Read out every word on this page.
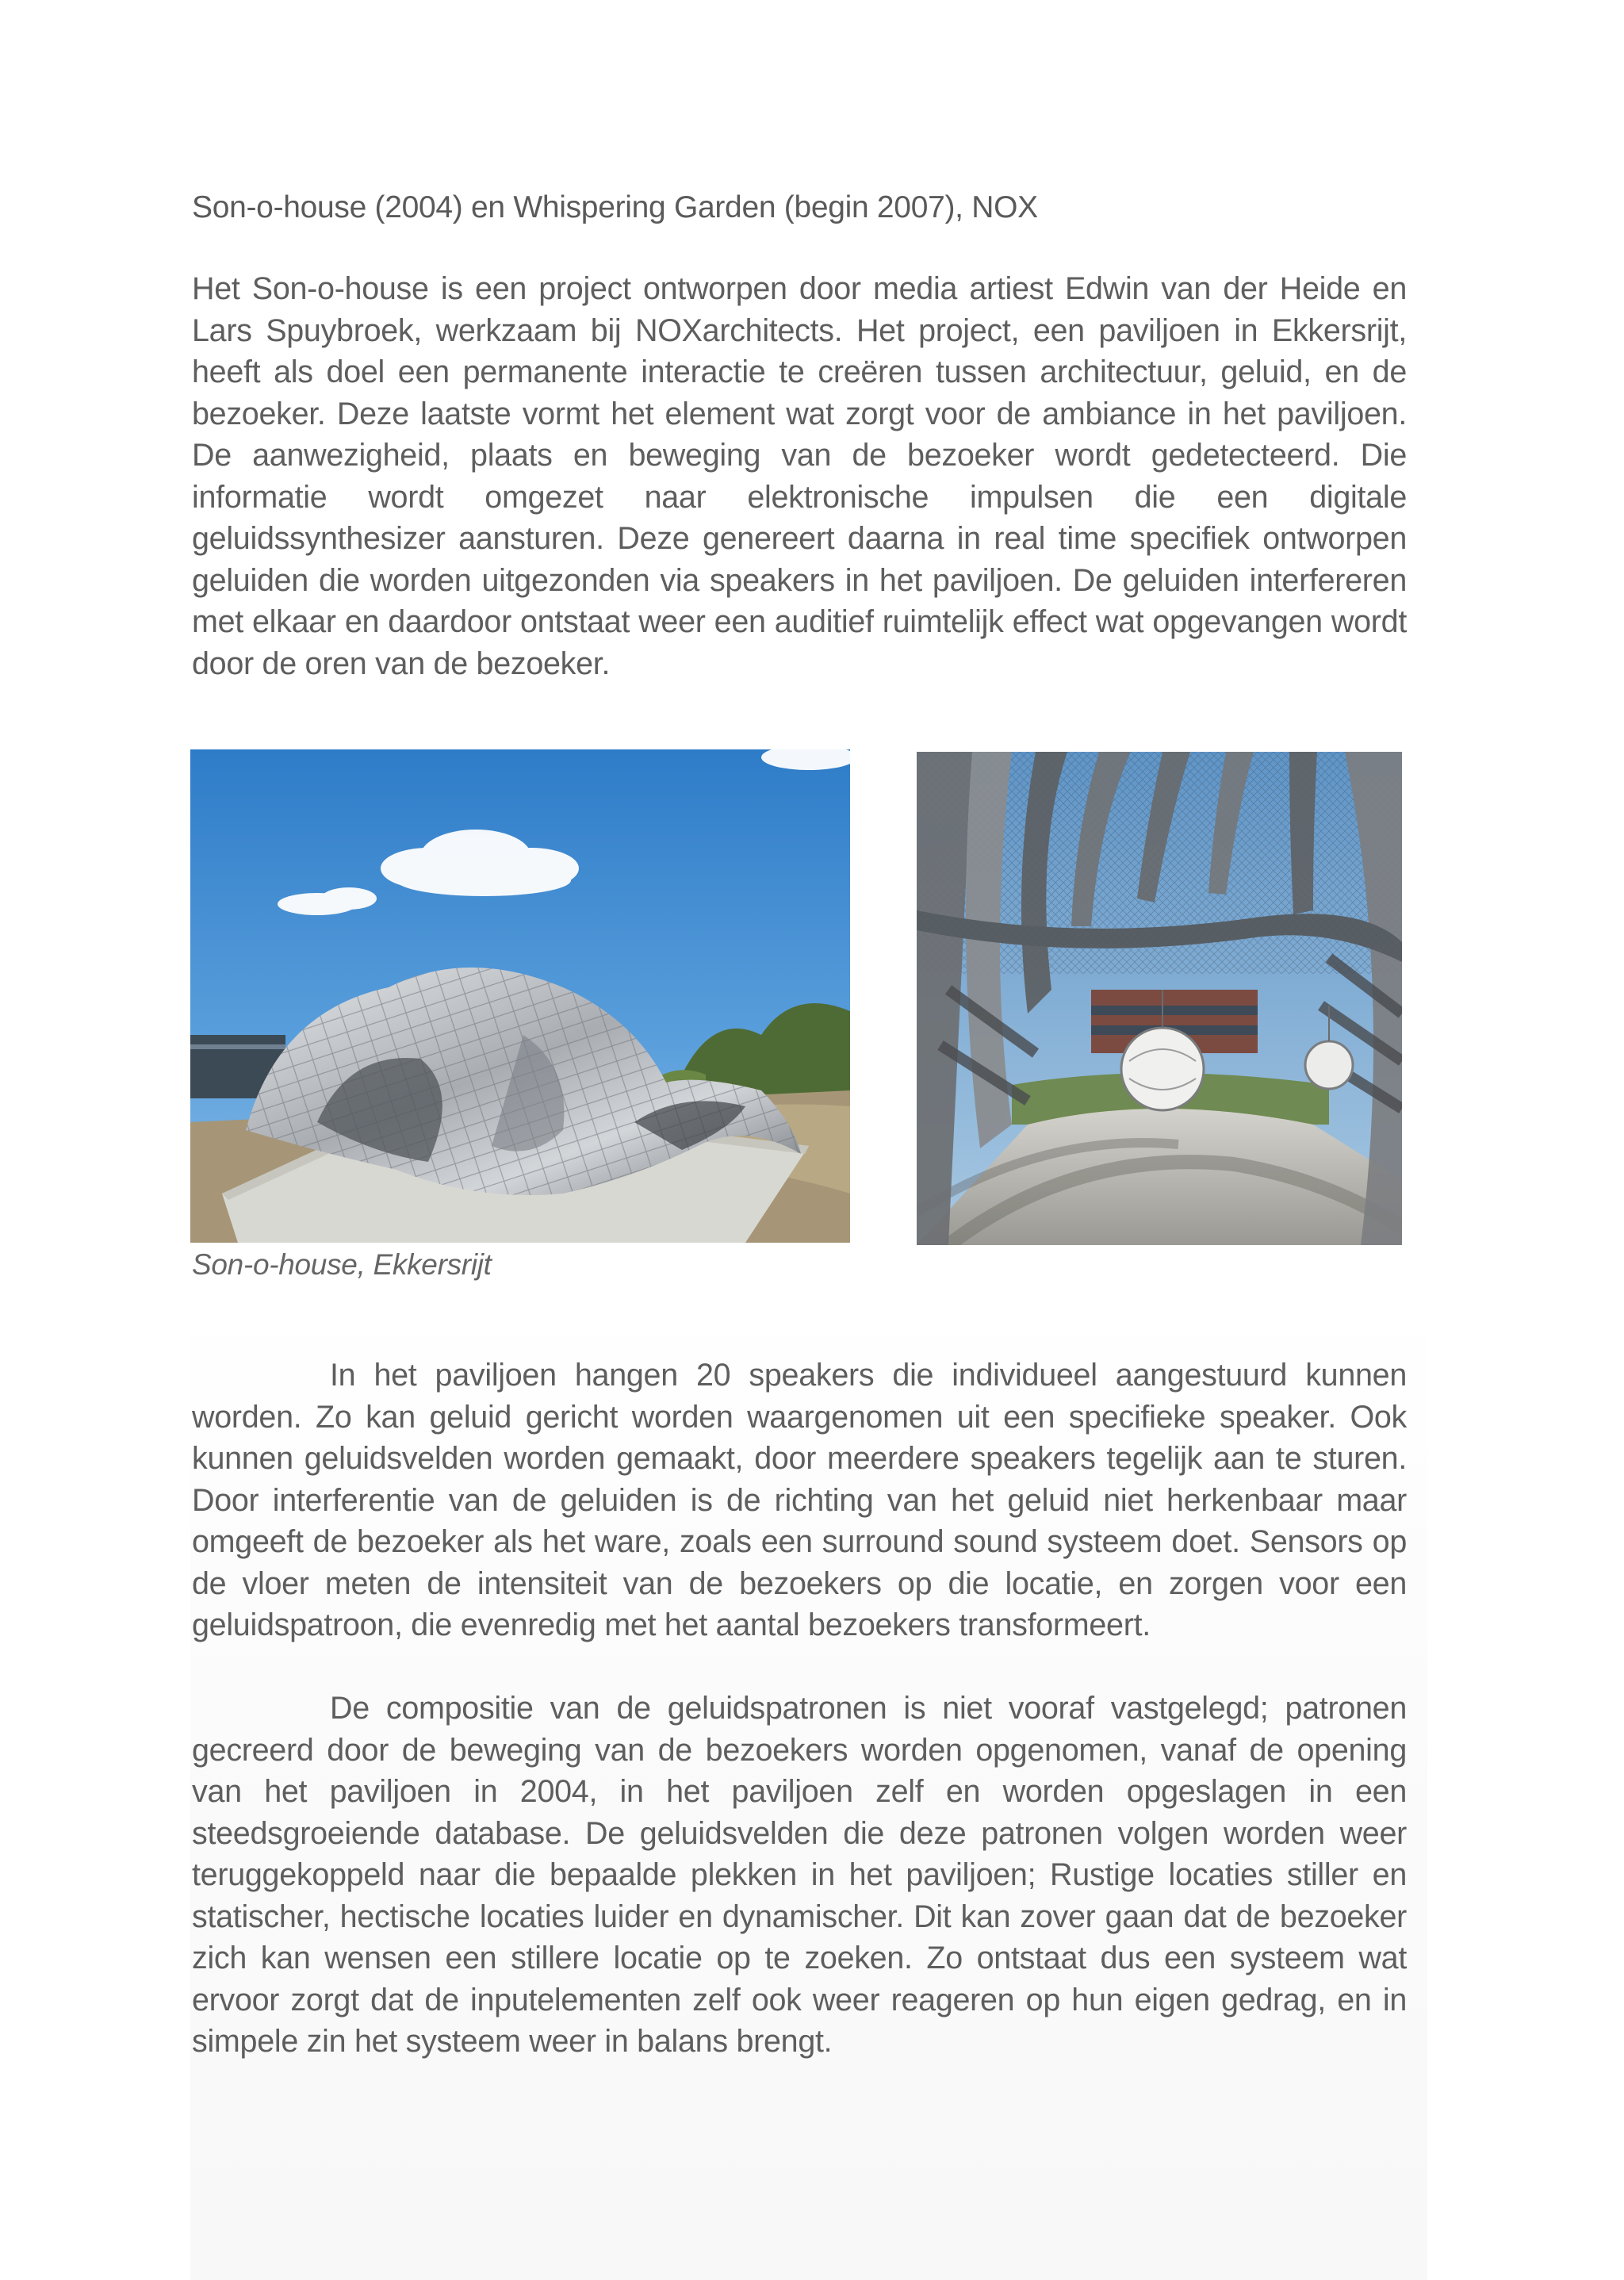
Son-o-house (2004) en Whispering Garden (begin 2007), NOX

Het Son-o-house is een project ontworpen door media artiest Edwin van der Heide en Lars Spuybroek, werkzaam bij NOXarchitects. Het project, een paviljoen in Ekkersrijt, heeft als doel een permanente interactie te creëren tussen architectuur, geluid, en de bezoeker. Deze laatste vormt het element wat zorgt voor de ambiance in het paviljoen. De aanwezigheid, plaats en beweging van de bezoeker wordt gedetecteerd. Die informatie wordt omgezet naar elektronische impulsen die een digitale geluidssynthesizer aansturen. Deze genereert daarna in real time specifiek ontworpen geluiden die worden uitgezonden via speakers in het paviljoen. De geluiden interfereren met elkaar en daardoor ontstaat weer een auditief ruimtelijk effect wat opgevangen wordt door de oren van de bezoeker.

Son-o-house, Ekkersrijt

In het paviljoen hangen 20 speakers die individueel aangestuurd kunnen worden. Zo kan geluid gericht worden waargenomen uit een specifieke speaker. Ook kunnen geluidsvelden worden gemaakt, door meerdere speakers tegelijk aan te sturen. Door interferentie van de geluiden is de richting van het geluid niet herkenbaar maar omgeeft de bezoeker als het ware, zoals een surround sound systeem doet. Sensors op de vloer meten de intensiteit van de bezoekers op die locatie, en zorgen voor een geluidspatroon, die evenredig met het aantal bezoekers transformeert.

De compositie van de geluidspatronen is niet vooraf vastgelegd; patronen gecreerd door de beweging van de bezoekers worden opgenomen, vanaf de opening van het paviljoen in 2004, in het paviljoen zelf en worden opgeslagen in een steedsgroeiende database. De geluidsvelden die deze patronen volgen worden weer teruggekoppeld naar die bepaalde plekken in het paviljoen; Rustige locaties stiller en statischer, hectische locaties luider en dynamischer. Dit kan zover gaan dat de bezoeker zich kan wensen een stillere locatie op te zoeken. Zo ontstaat dus een systeem wat ervoor zorgt dat de inputelementen zelf ook weer reageren op hun eigen gedrag, en in simpele zin het systeem weer in balans brengt.
